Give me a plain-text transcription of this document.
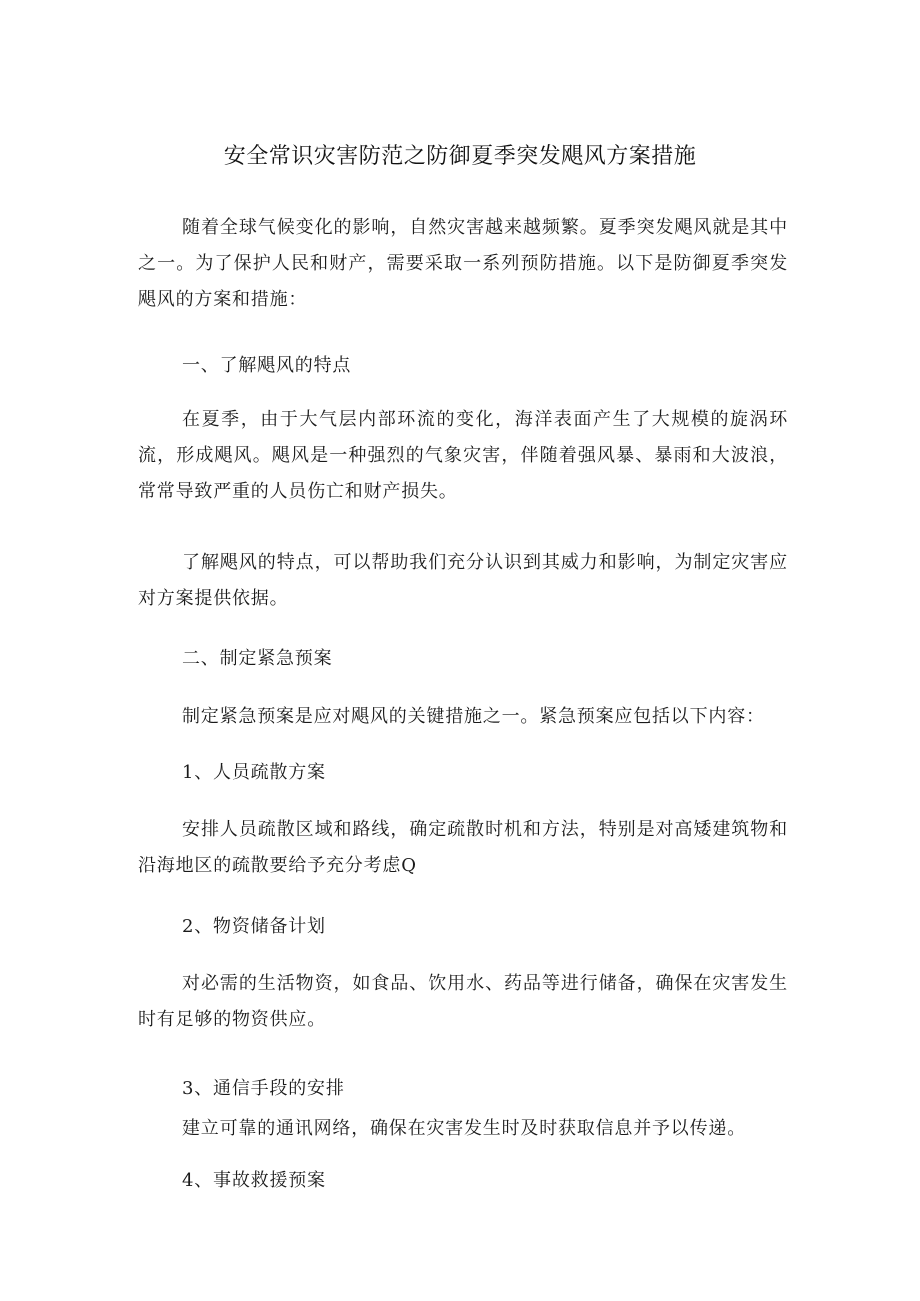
安全常识灾害防范之防御夏季突发飓风方案措施

随着全球气候变化的影响，自然灾害越来越频繁。夏季突发飓风就是其中之一。为了保护人民和财产，需要采取一系列预防措施。以下是防御夏季突发飓风的方案和措施：

一、了解飓风的特点

在夏季，由于大气层内部环流的变化，海洋表面产生了大规模的旋涡环流，形成飓风。飓风是一种强烈的气象灾害，伴随着强风暴、暴雨和大波浪，常常导致严重的人员伤亡和财产损失。

了解飓风的特点，可以帮助我们充分认识到其威力和影响，为制定灾害应对方案提供依据。

二、制定紧急预案

制定紧急预案是应对飓风的关键措施之一。紧急预案应包括以下内容：

1、人员疏散方案

安排人员疏散区域和路线，确定疏散时机和方法，特别是对高矮建筑物和沿海地区的疏散要给予充分考虑Q

2、物资储备计划

对必需的生活物资，如食品、饮用水、药品等进行储备，确保在灾害发生时有足够的物资供应。

3、通信手段的安排

建立可靠的通讯网络，确保在灾害发生时及时获取信息并予以传递。

4、事故救援预案
